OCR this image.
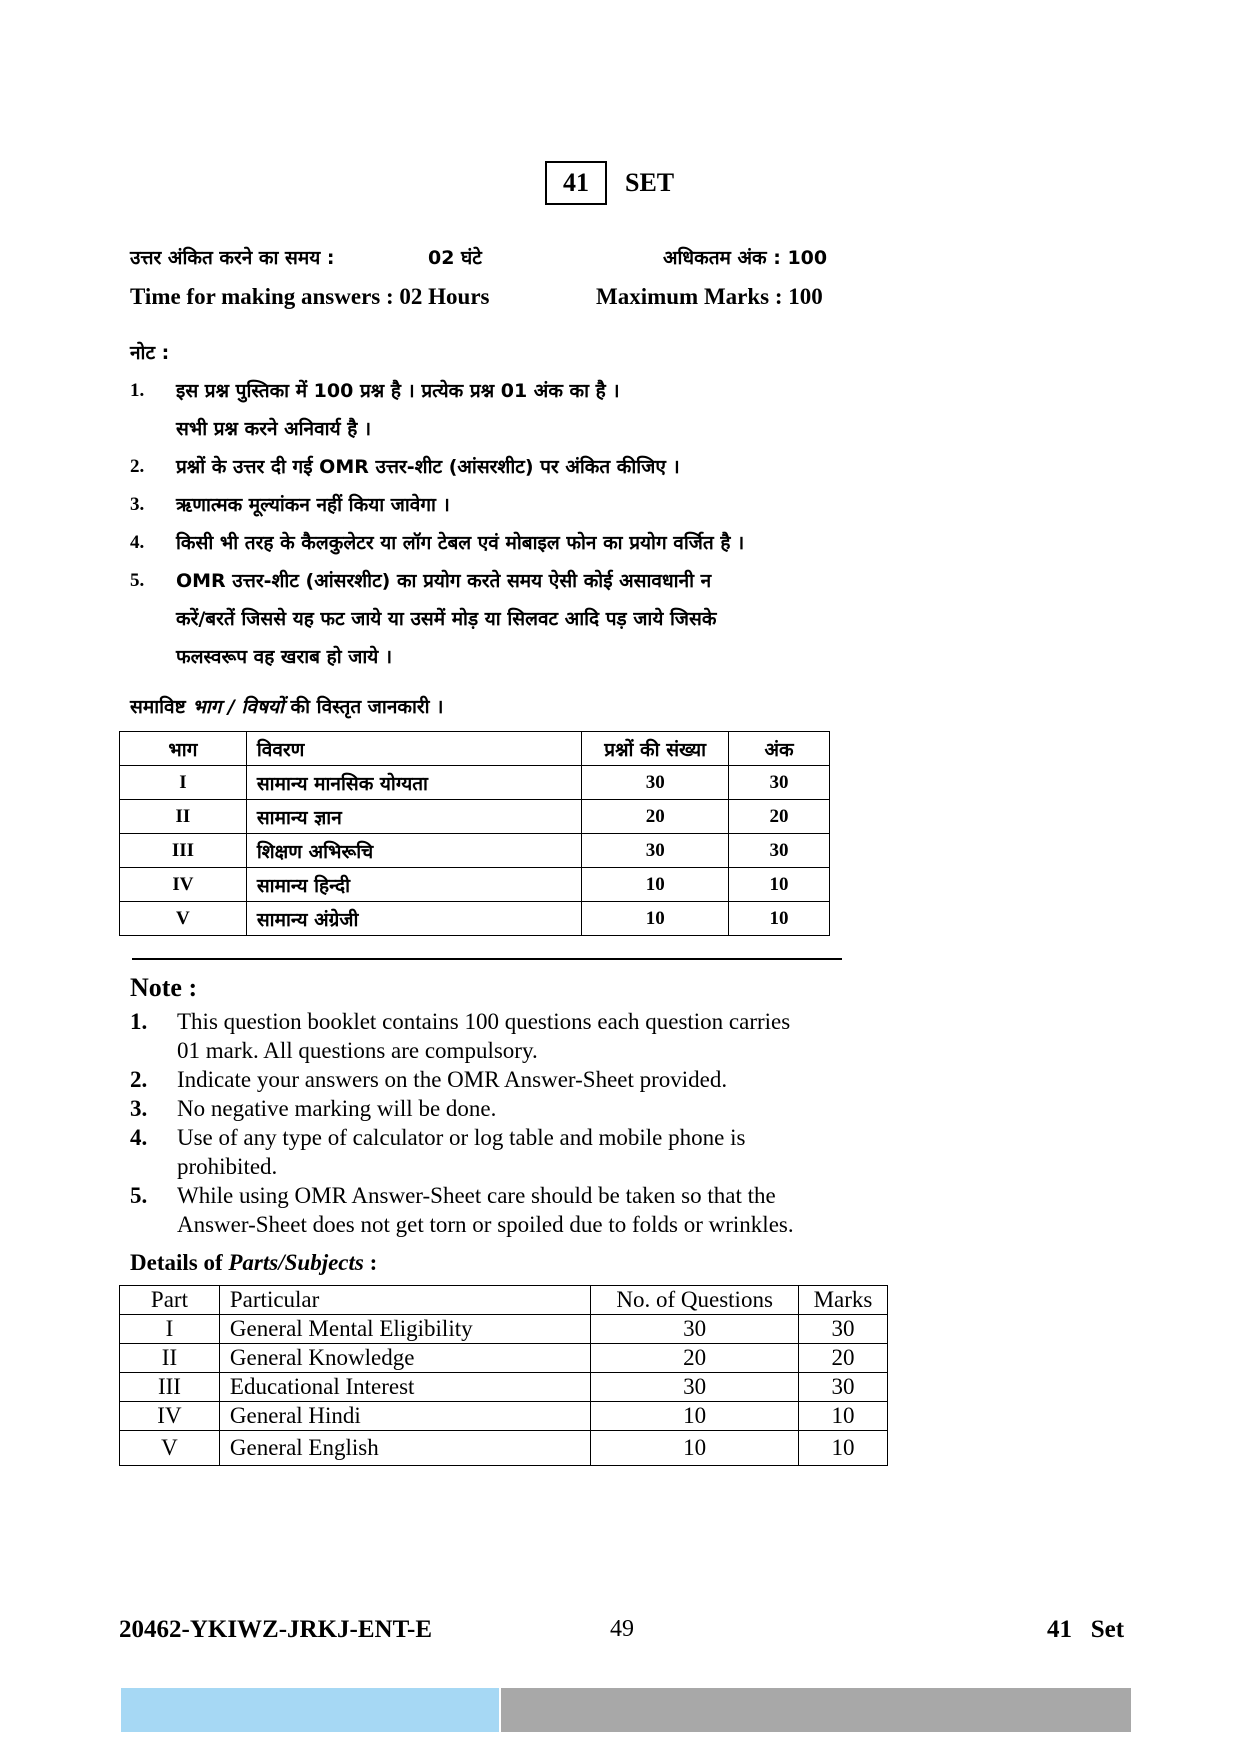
41	SET
उत्तर अंकित करने का समय :	02 घंटे	अधिकतम अंक : 100
Time for making answers : 02 Hours	Maximum Marks : 100
नोट :
1.	इस प्रश्न पुस्तिका में 100 प्रश्न है । प्रत्येक प्रश्न 01 अंक का है ।
सभी प्रश्न करने अनिवार्य है ।
2.	प्रश्नों के उत्तर दी गई OMR उत्तर-शीट (आंसरशीट) पर अंकित कीजिए ।
3.	ऋणात्मक मूल्यांकन नहीं किया जावेगा ।
4.	किसी भी तरह के कैलकुलेटर या लॉग टेबल एवं मोबाइल फोन का प्रयोग वर्जित है ।
5.	OMR उत्तर-शीट (आंसरशीट) का प्रयोग करते समय ऐसी कोई असावधानी न
करें/बरतें जिससे यह फट जाये या उसमें मोड़ या सिलवट आदि पड़ जाये जिसके
फलस्वरूप वह खराब हो जाये ।
समाविष्ट भाग / विषयों की विस्तृत जानकारी ।
भाग	विवरण	प्रश्नों की संख्या	अंक
I	सामान्य मानसिक योग्यता	30	30
II	सामान्य ज्ञान	20	20
III	शिक्षण अभिरूचि	30	30
IV	सामान्य हिन्दी	10	10
V	सामान्य अंग्रेजी	10	10
Note :
1.	This question booklet contains 100 questions each question carries
01 mark. All questions are compulsory.
2.	Indicate your answers on the OMR Answer-Sheet provided.
3.	No negative marking will be done.
4.	Use of any type of calculator or log table and mobile phone is
prohibited.
5.	While using OMR Answer-Sheet care should be taken so that the
Answer-Sheet does not get torn or spoiled due to folds or wrinkles.
Details of Parts/Subjects :
Part	Particular	No. of Questions	Marks
I	General Mental Eligibility	30	30
II	General Knowledge	20	20
III	Educational Interest	30	30
IV	General Hindi	10	10
V	General English	10	10
20462-YKIWZ-JRKJ-ENT-E	49	41   Set
